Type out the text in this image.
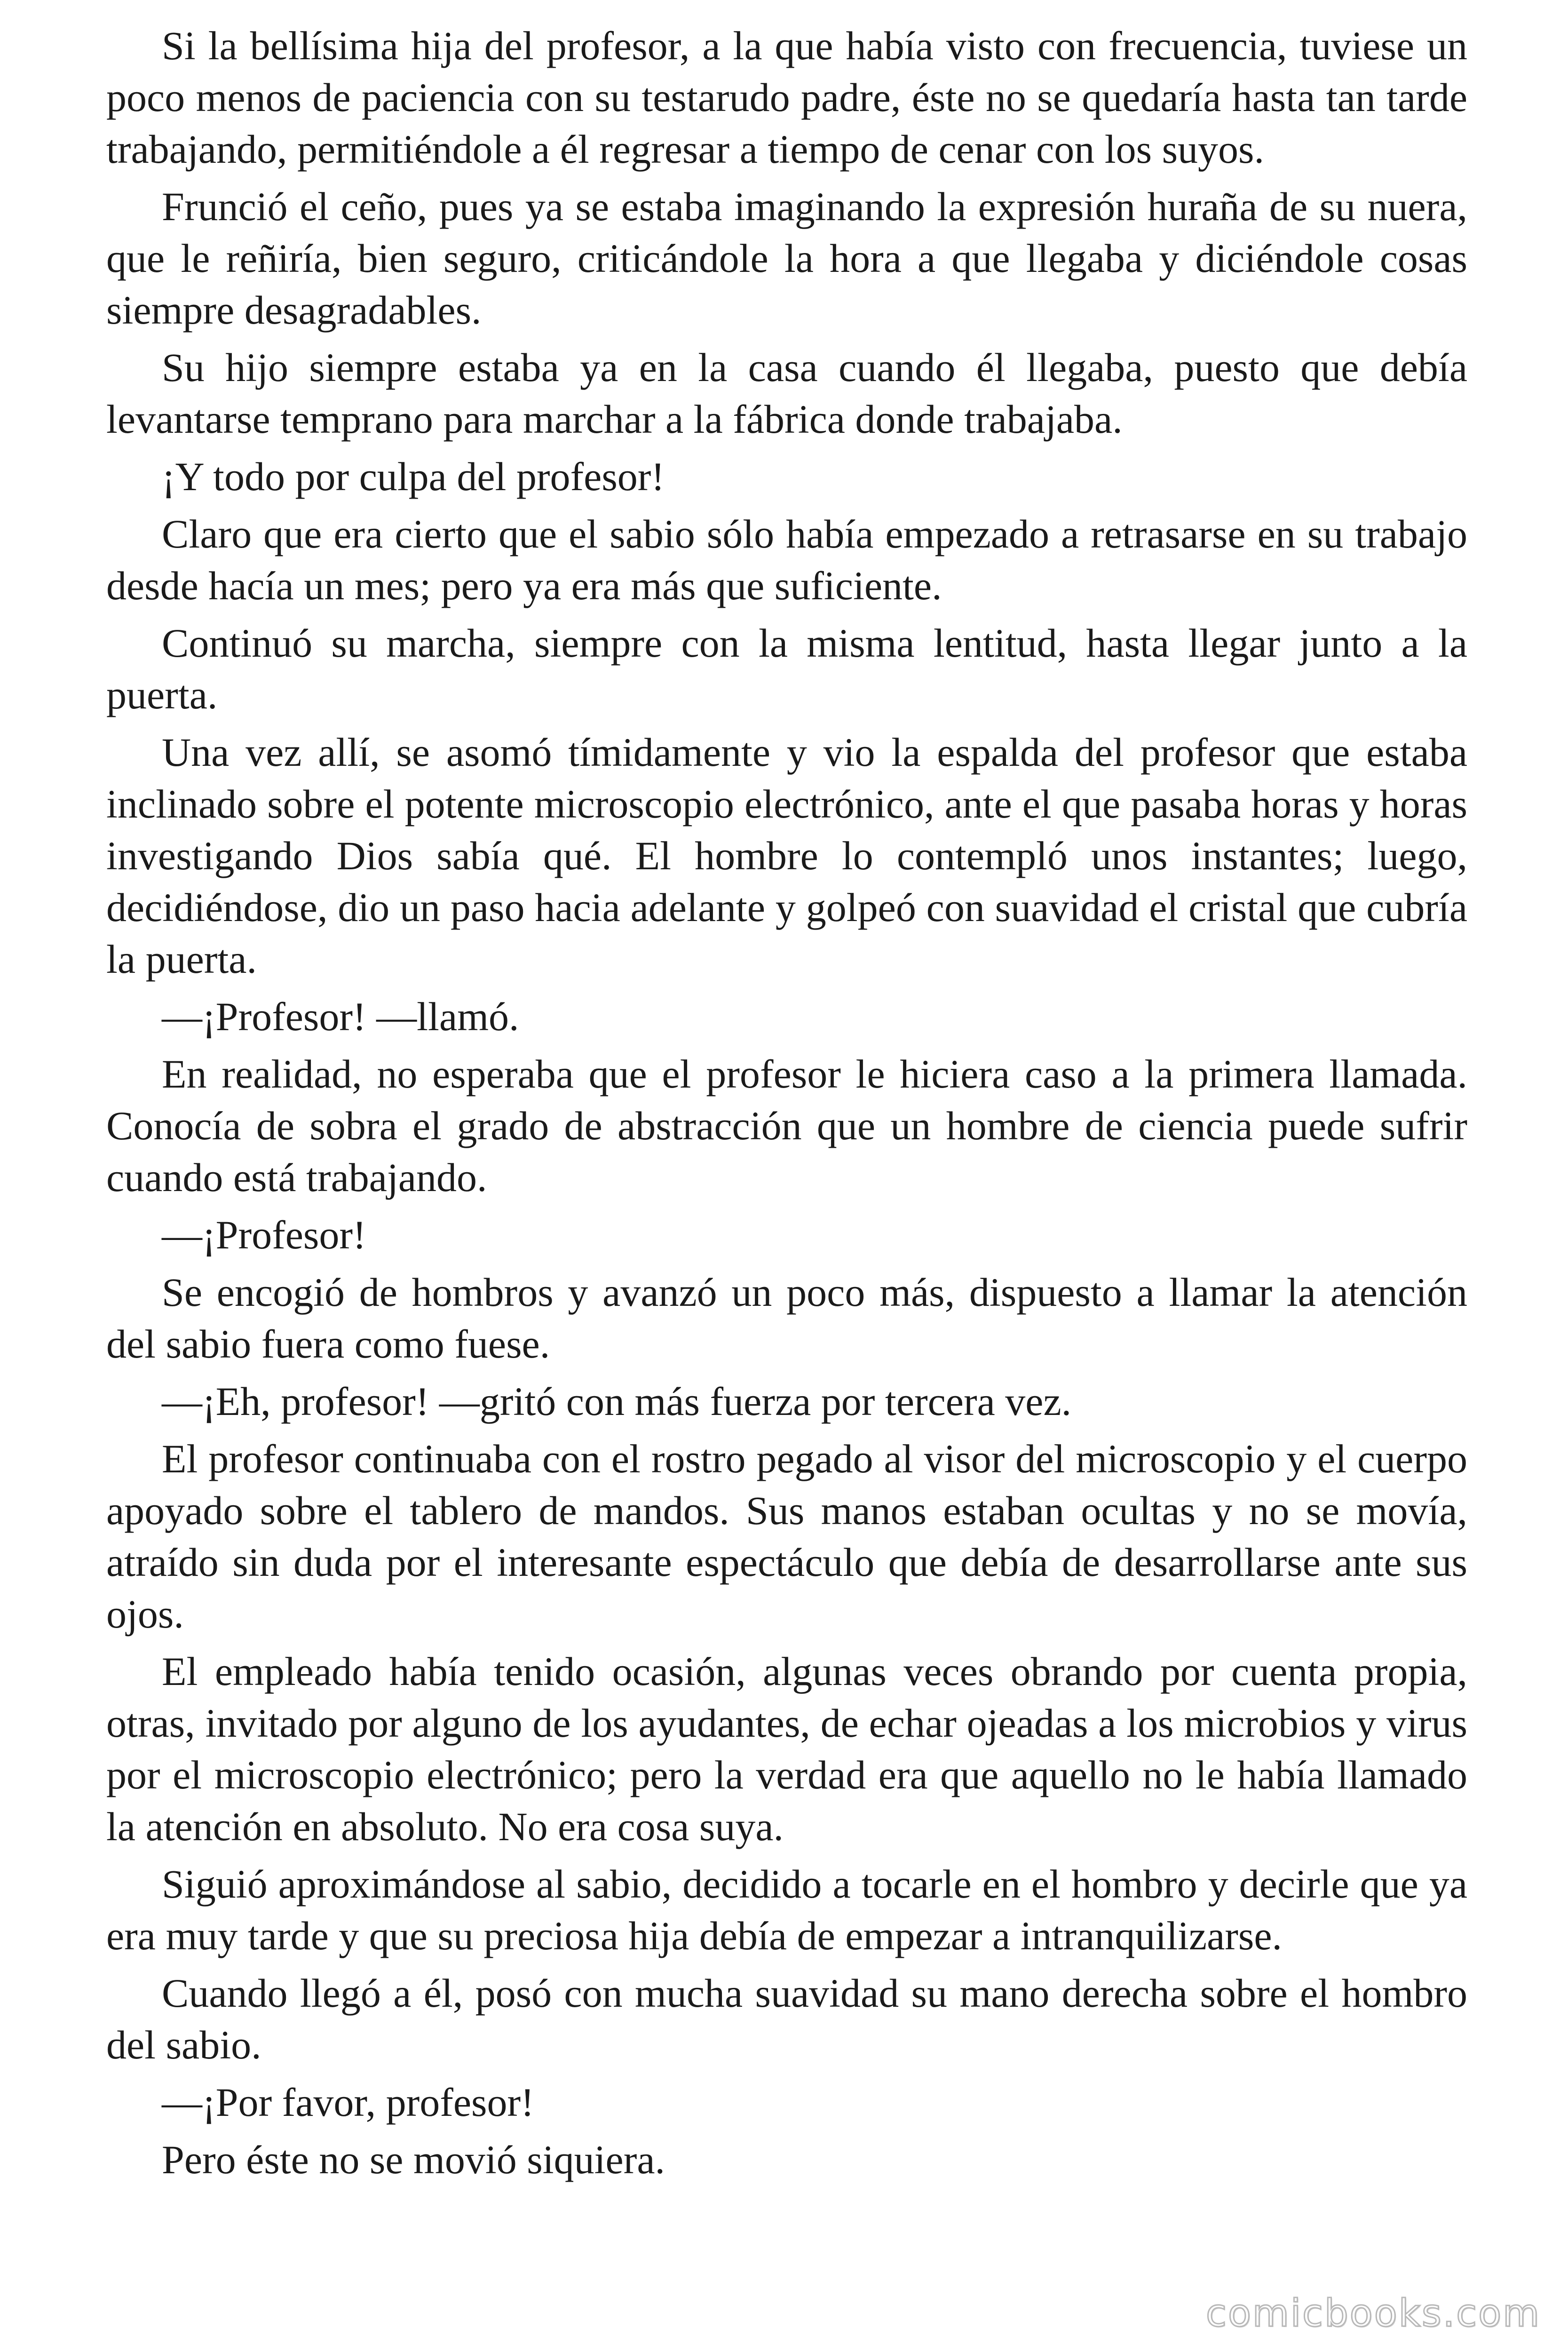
Si la bellísima hija del profesor, a la que había visto con frecuencia, tuviese un poco menos de paciencia con su testarudo padre, éste no se quedaría hasta tan tarde trabajando, permitiéndole a él regresar a tiempo de cenar con los suyos.

Frunció el ceño, pues ya se estaba imaginando la expresión huraña de su nuera, que le reñiría, bien seguro, criticándole la hora a que llegaba y diciéndole cosas siempre desagradables.

Su hijo siempre estaba ya en la casa cuando él llegaba, puesto que debía levantarse temprano para marchar a la fábrica donde trabajaba.

¡Y todo por culpa del profesor!

Claro que era cierto que el sabio sólo había empezado a retrasarse en su trabajo desde hacía un mes; pero ya era más que suficiente.

Continuó su marcha, siempre con la misma lentitud, hasta llegar junto a la puerta.

Una vez allí, se asomó tímidamente y vio la espalda del profesor que estaba inclinado sobre el potente microscopio electrónico, ante el que pasaba horas y horas investigando Dios sabía qué. El hombre lo contempló unos instantes; luego, decidiéndose, dio un paso hacia adelante y golpeó con suavidad el cristal que cubría la puerta.

—¡Profesor! —llamó.

En realidad, no esperaba que el profesor le hiciera caso a la primera llamada. Conocía de sobra el grado de abstracción que un hombre de ciencia puede sufrir cuando está trabajando.

—¡Profesor!

Se encogió de hombros y avanzó un poco más, dispuesto a llamar la atención del sabio fuera como fuese.

—¡Eh, profesor! —gritó con más fuerza por tercera vez.

El profesor continuaba con el rostro pegado al visor del microscopio y el cuerpo apoyado sobre el tablero de mandos. Sus manos estaban ocultas y no se movía, atraído sin duda por el interesante espectáculo que debía de desarrollarse ante sus ojos.

El empleado había tenido ocasión, algunas veces obrando por cuenta propia, otras, invitado por alguno de los ayudantes, de echar ojeadas a los microbios y virus por el microscopio electrónico; pero la verdad era que aquello no le había llamado la atención en absoluto. No era cosa suya.

Siguió aproximándose al sabio, decidido a tocarle en el hombro y decirle que ya era muy tarde y que su preciosa hija debía de empezar a intranquilizarse.

Cuando llegó a él, posó con mucha suavidad su mano derecha sobre el hombro del sabio.

—¡Por favor, profesor!

Pero éste no se movió siquiera.

comicbooks.com
